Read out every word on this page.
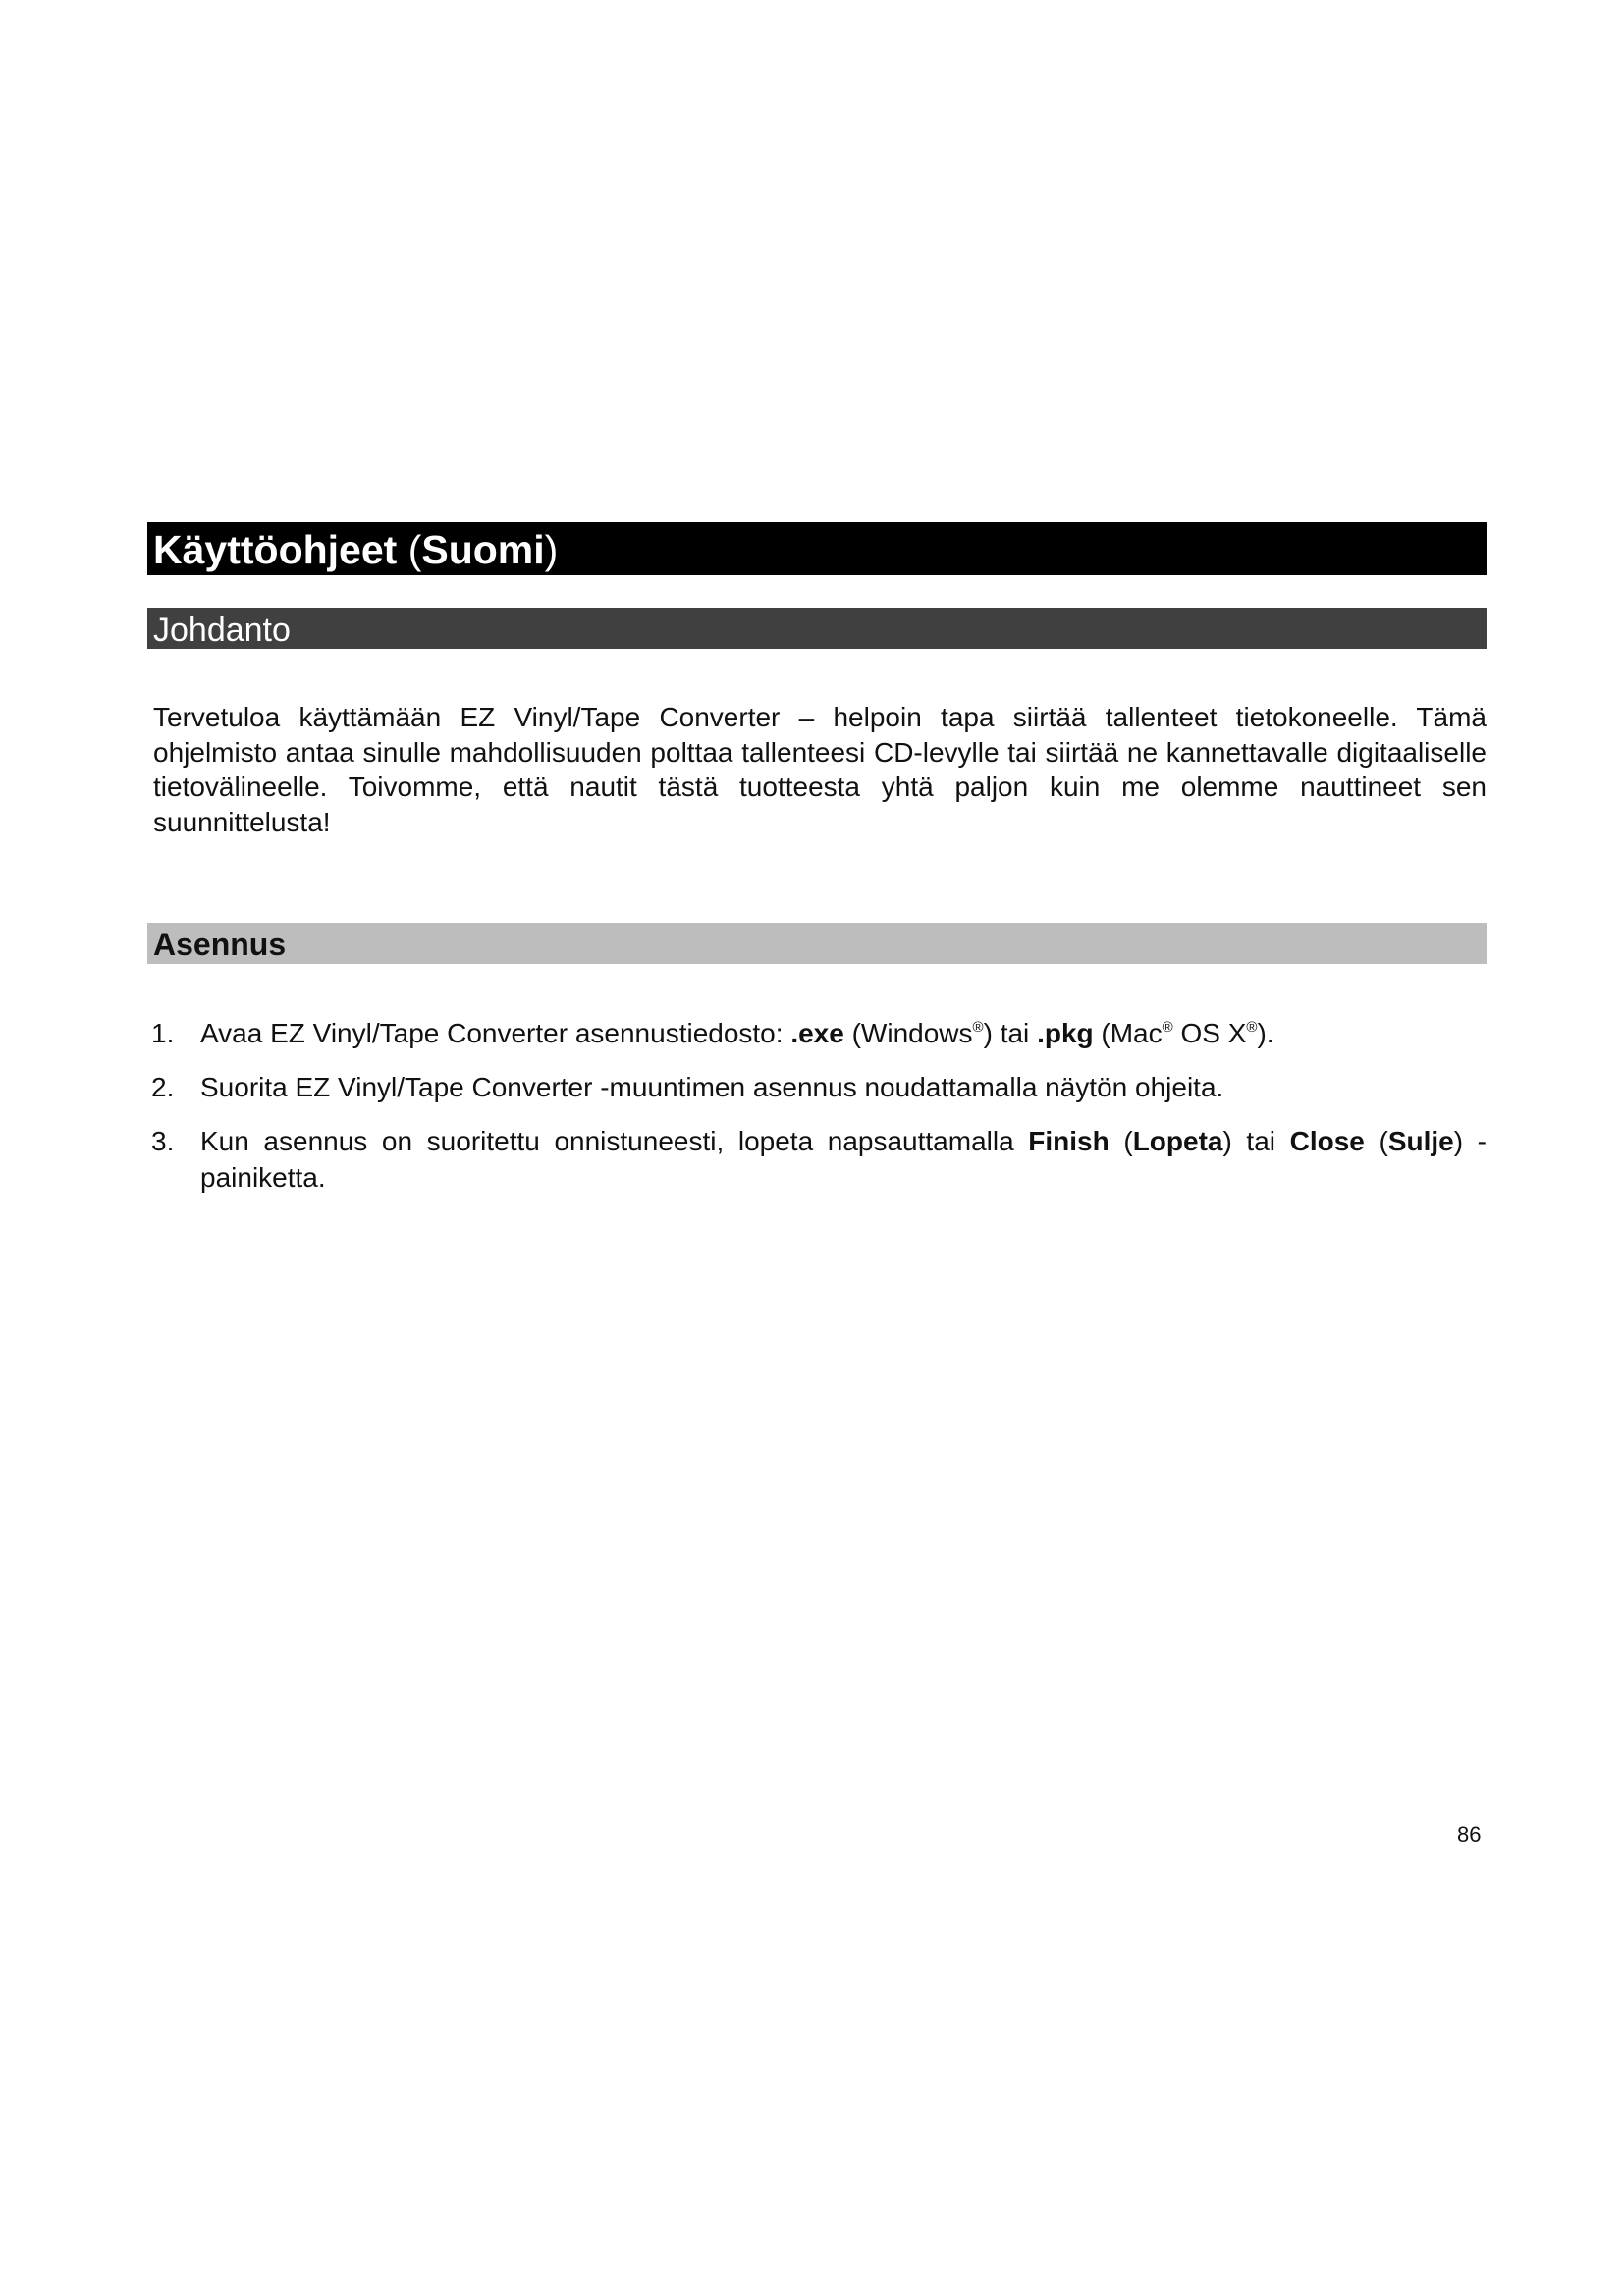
Käyttöohjeet (Suomi)
Johdanto

Tervetuloa käyttämään EZ Vinyl/Tape Converter – helpoin tapa siirtää tallenteet tietokoneelle. Tämä ohjelmisto antaa sinulle mahdollisuuden polttaa tallenteesi CD-levylle tai siirtää ne kannettavalle digitaaliselle tietovälineelle. Toivomme, että nautit tästä tuotteesta yhtä paljon kuin me olemme nauttineet sen suunnittelusta!

Asennus
1. Avaa EZ Vinyl/Tape Converter asennustiedosto: .exe (Windows®) tai .pkg (Mac® OS X®).
2. Suorita EZ Vinyl/Tape Converter -muuntimen asennus noudattamalla näytön ohjeita.
3. Kun asennus on suoritettu onnistuneesti, lopeta napsauttamalla Finish (Lopeta) tai Close (Sulje) -painiketta.
86
